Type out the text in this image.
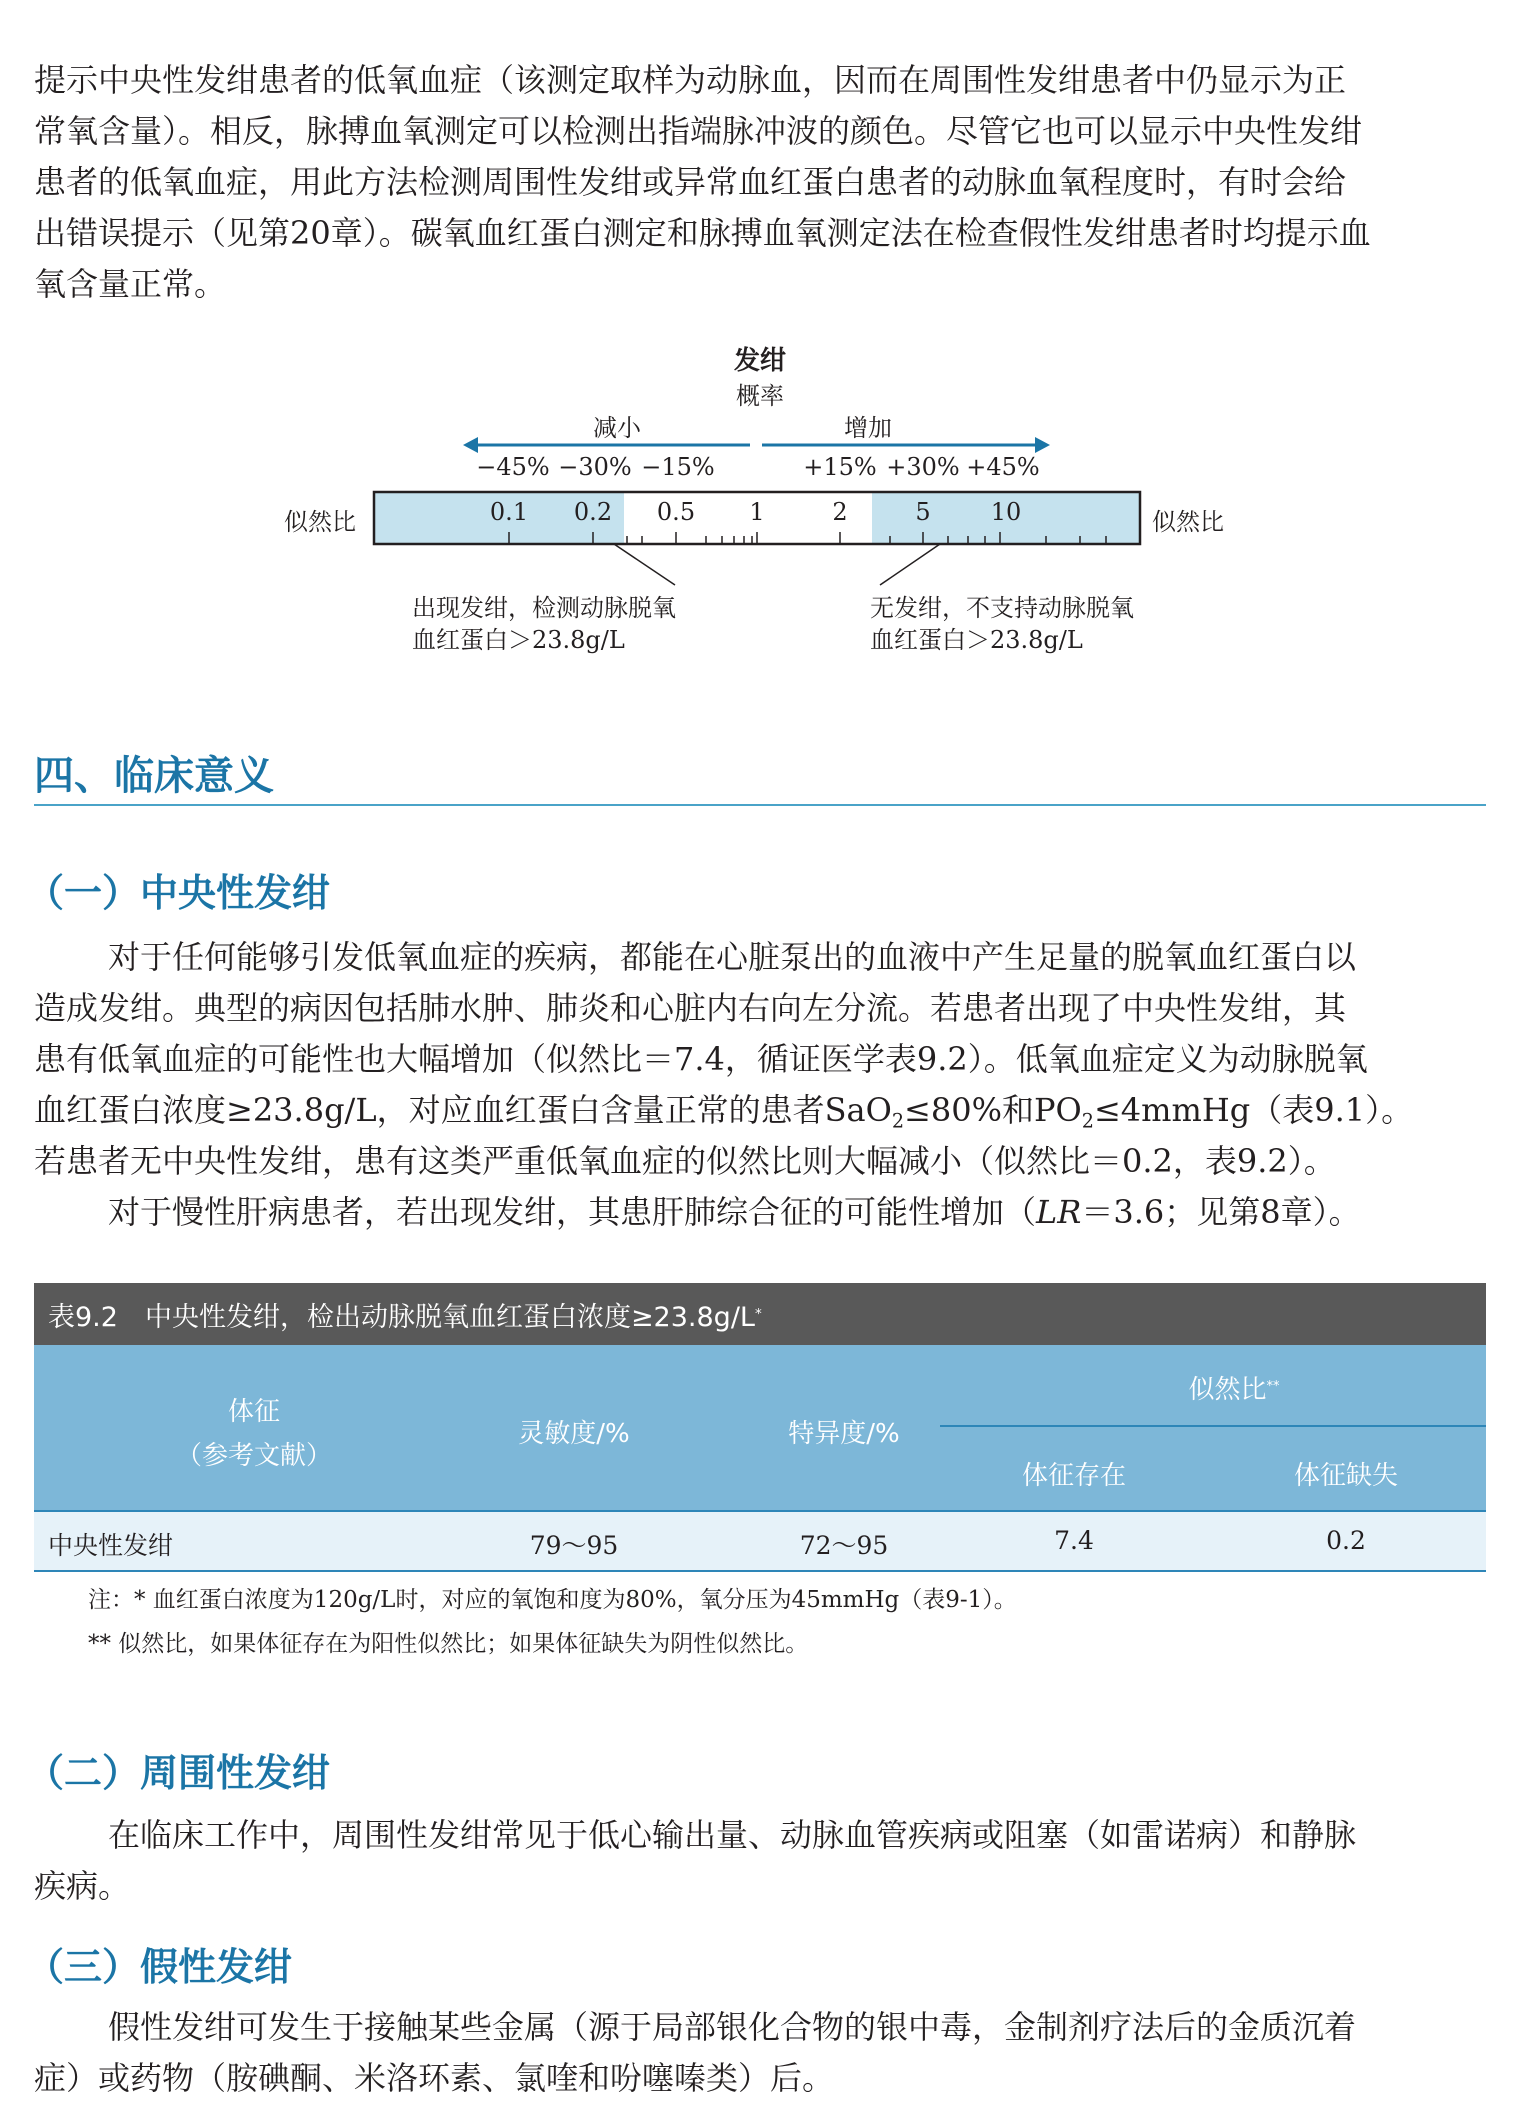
提示中央性发绀患者的低氧血症（该测定取样为动脉血，因而在周围性发绀患者中仍显示为正
常氧含量）。相反，脉搏血氧测定可以检测出指端脉冲波的颜色。尽管它也可以显示中央性发绀
患者的低氧血症，用此方法检测周围性发绀或异常血红蛋白患者的动脉血氧程度时，有时会给
出错误提示（见第20章）。碳氧血红蛋白测定和脉搏血氧测定法在检查假性发绀患者时均提示血
氧含量正常。
发绀
概率
减小	增加
−45% −30% −15%	+15% +30% +45%
似然比	似然比
0.1 0.2 0.5 1	2	5	10
出现发绀，检测动脉脱氧
血红蛋白＞23.8g/L
无发绀，不支持动脉脱氧
血红蛋白＞23.8g/L
四、临床意义
（一）中央性发绀
对于任何能够引发低氧血症的疾病，都能在心脏泵出的血液中产生足量的脱氧血红蛋白以
造成发绀。典型的病因包括肺水肿、肺炎和心脏内右向左分流。若患者出现了中央性发绀，其
患有低氧血症的可能性也大幅增加（似然比＝7.4，循证医学表9.2）。低氧血症定义为动脉脱氧
血红蛋白浓度≥23.8g/L，对应血红蛋白含量正常的患者SaO$_2$≤80%和$PO_2\le 4mmHg$（表9.1）。
若患者无中央性发绀，患有这类严重低氧血症的似然比则大幅减小（似然比＝0.2，表9.2）。
对于慢性肝病患者，若出现发绀，其患肝肺综合征的可能性增加（LR＝3.6；见第8章）。
表9.2　中央性发绀，检出动脉脱氧血红蛋白浓度≥23.8g/L *
体征
（参考文献）
灵敏度/%	特异度/%
似然比**
体征存在	体征缺失
中央性发绀	79～95	72～95	7.4	0.2
注：* 血红蛋白浓度为120g/L时，对应的氧饱和度为80%，氧分压为45mmHg（表9-1）。
** 似然比，如果体征存在为阳性似然比；如果体征缺失为阴性似然比。
（二）周围性发绀
在临床工作中，周围性发绀常见于低心输出量、动脉血管疾病或阻塞（如雷诺病）和静脉
疾病。
（三）假性发绀
假性发绀可发生于接触某些金属（源于局部银化合物的银中毒，金制剂疗法后的金质沉着
症）或药物（胺碘酮、米洛环素、氯喹和吩噻嗪类）后。
